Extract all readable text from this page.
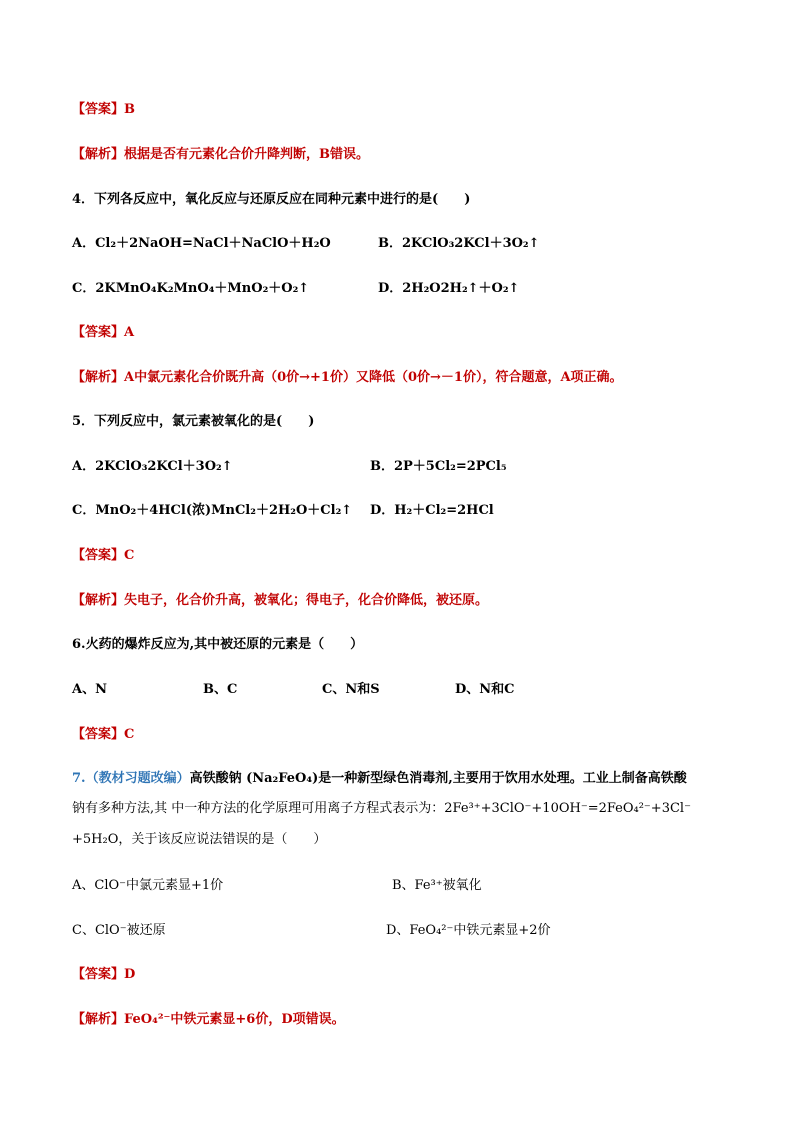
【答案】B
【解析】根据是否有元素化合价升降判断，B错误。
4．下列各反应中，氧化反应与还原反应在同种元素中进行的是(　　)
A．Cl₂＋2NaOH=NaCl＋NaClO＋H₂O	B．2KClO₃2KCl＋3O₂↑
C．2KMnO₄K₂MnO₄＋MnO₂＋O₂↑	D．2H₂O2H₂↑＋O₂↑
【答案】A
【解析】A中氯元素化合价既升高（0价→+1价）又降低（0价→－1价），符合题意，A项正确。
5．下列反应中，氯元素被氧化的是(　　)
A．2KClO₃2KCl＋3O₂↑	B．2P＋5Cl₂=2PCl₅
C．MnO₂＋4HCl(浓)MnCl₂＋2H₂O＋Cl₂↑ D．H₂＋Cl₂=2HCl
【答案】C
【解析】失电子，化合价升高，被氧化；得电子，化合价降低，被还原。
6.火药的爆炸反应为,其中被还原的元素是（　　）
A、N	B、C	C、N和S	D、N和C
【答案】C
7.（教材习题改编）高铁酸钠 (Na₂FeO₄)是一种新型绿色消毒剂,主要用于饮用水处理。工业上制备高铁酸
钠有多种方法,其 中一种方法的化学原理可用离子方程式表示为：2Fe³⁺+3ClO⁻+10OH⁻=2FeO₄²⁻+3Cl⁻
+5H₂O，关于该反应说法错误的是（　　）
A、ClO⁻中氯元素显+1价	B、Fe³⁺被氧化
C、ClO⁻被还原	D、FeO₄²⁻中铁元素显+2价
【答案】D
【解析】FeO₄²⁻中铁元素显+6价，D项错误。
